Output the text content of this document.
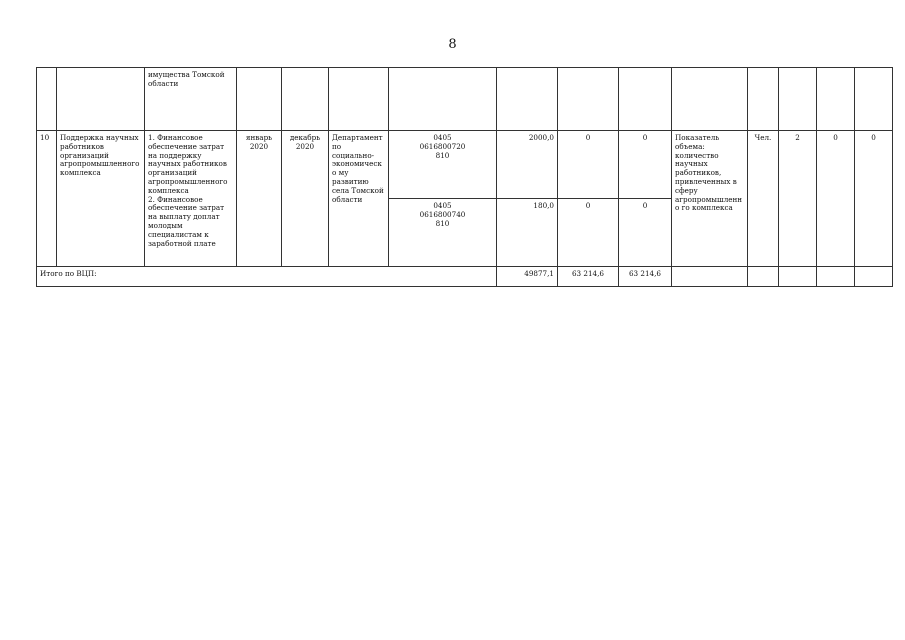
8
		имущества Томской области												
10	Поддержка научных работников организаций агропромышленного комплекса	1. Финансовое обеспечение затрат на поддержку научных работников организаций агропромышленного комплекса
2. Финансовое обеспечение затрат на выплату доплат молодым специалистам к заработной плате	январь 2020	декабрь 2020	Департамент по социально-экономическо му развитию села Томской области	0405
0616800720
810	2000,0	0	0	Показатель объема: количество научных работников, привлеченных в сферу агропромышленно го комплекса	Чел.	2	0	0
						0405
0616800740
810	180,0	0	0					
Итого по ВЦП:							49877,1	63 214,6	63 214,6					
